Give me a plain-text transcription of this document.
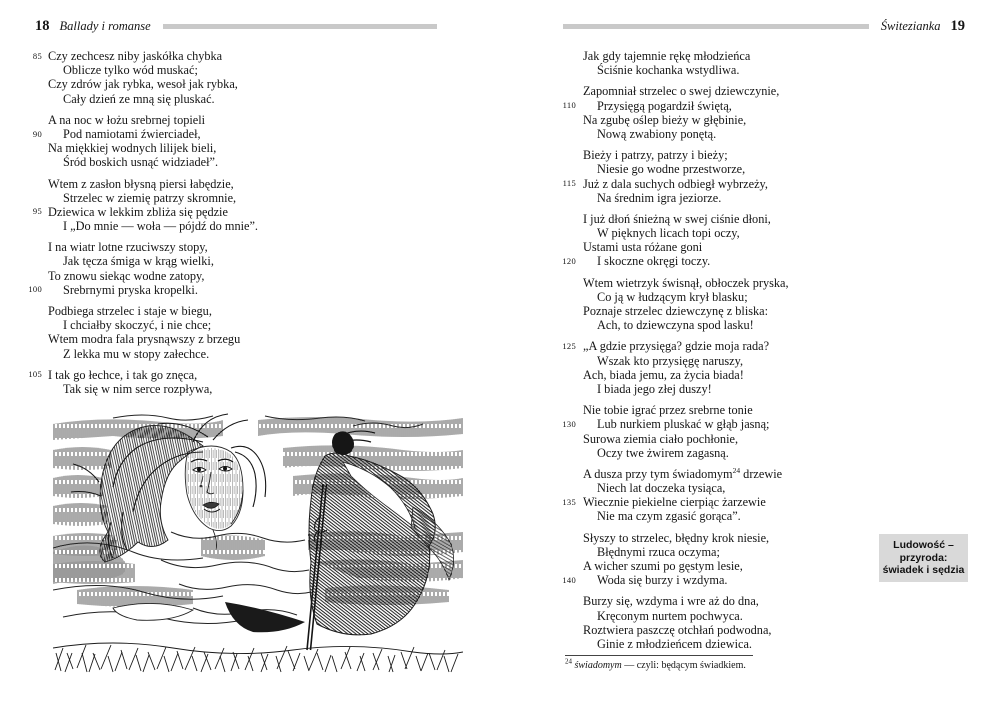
18 Ballady i romanse	Świtezianka 19
85 Czy zechcesz niby jaskółka chybka
Oblicze tylko wód muskać;
Czy zdrów jak rybka, wesoł jak rybka,
Cały dzień ze mną się pluskać.
A na noc w łożu srebrnej topieli
90 Pod namiotami źwierciadeł,
Na miękkiej wodnych lilijek bieli,
Śród boskich usnąć widziadeł”.
Wtem z zasłon błysną piersi łabędzie,
Strzelec w ziemię patrzy skromnie,
95 Dziewica w lekkim zbliża się pędzie
I „Do mnie — woła — pójdź do mnie”.
I na wiatr lotne rzuciwszy stopy,
Jak tęcza śmiga w krąg wielki,
To znowu siekąc wodne zatopy,
100 Srebrnymi pryska kropelki.
Podbiega strzelec i staje w biegu,
I chciałby skoczyć, i nie chce;
Wtem modra fala prysnąwszy z brzegu
Z lekka mu w stopy załechce.
105 I tak go łechce, i tak go znęca,
Tak się w nim serce rozpływa,
Jak gdy tajemnie rękę młodzieńca
Ściśnie kochanka wstydliwa.
Zapomniał strzelec o swej dziewczynie,
110 Przysięgą pogardził świętą,
Na zgubę oślep bieży w głębinie,
Nową zwabiony ponętą.
Bieży i patrzy, patrzy i bieży;
Niesie go wodne przestworze,
115 Już z dala suchych odbiegł wybrzeży,
Na średnim igra jeziorze.
I już dłoń śnieżną w swej ciśnie dłoni,
W pięknych licach topi oczy,
Ustami usta różane goni
120 I skoczne okręgi toczy.
Wtem wietrzyk świsnął, obłoczek pryska,
Co ją w łudzącym krył blasku;
Poznaje strzelec dziewczynę z bliska:
Ach, to dziewczyna spod lasku!
125 „A gdzie przysięga? gdzie moja rada?
Wszak kto przysięgę naruszy,
Ach, biada jemu, za życia biada!
I biada jego złej duszy!
Nie tobie igrać przez srebrne tonie
130 Lub nurkiem pluskać w głąb jasną;
Surowa ziemia ciało pochłonie,
Oczy twe żwirem zagasną.
A dusza przy tym świadomym$^{24}$ drzewie
Niech lat doczeka tysiąca,
135 Wiecznie piekielne cierpiąc żarzewie
Nie ma czym zgasić gorąca”.
Słyszy to strzelec, błędny krok niesie,
Błędnymi rzuca oczyma;
A wicher szumi po gęstym lesie,
140 Woda się burzy i wzdyma.
Burzy się, wzdyma i wre aż do dna,
Kręconym nurtem pochwyca.
Roztwiera paszczę otchłań podwodna,
Ginie z młodzieńcem dziewica.
Ludowość –
przyroda:
świadek i sędzia
$^{24}$ świadomym — czyli: będącym świadkiem.
